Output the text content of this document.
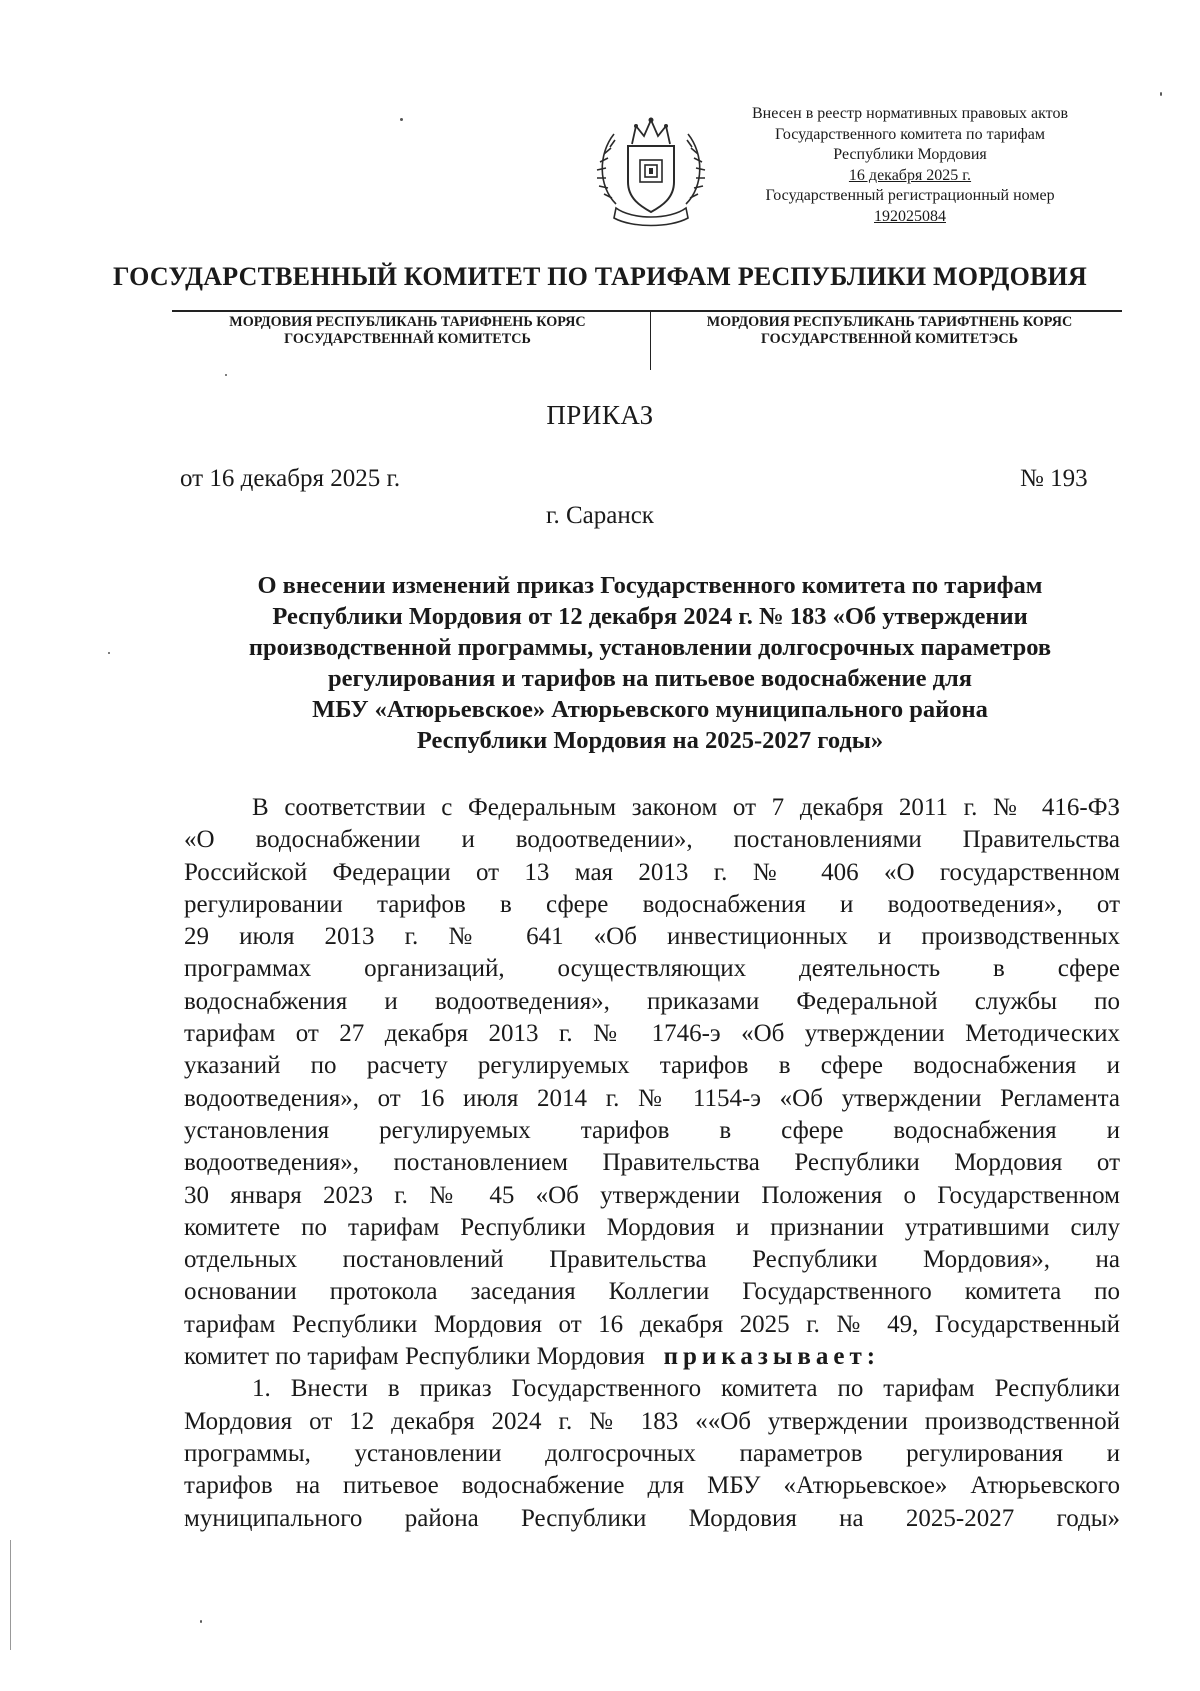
Внесен в реестр нормативных правовых актов
Государственного комитета по тарифам
Республики Мордовия
16 декабря 2025 г.
Государственный регистрационный номер
192025084
ГОСУДАРСТВЕННЫЙ КОМИТЕТ ПО ТАРИФАМ РЕСПУБЛИКИ МОРДОВИЯ
МОРДОВИЯ РЕСПУБЛИКАНЬ ТАРИФНЕНЬ КОРЯС
ГОСУДАРСТВЕННАЙ КОМИТЕТСЬ
МОРДОВИЯ РЕСПУБЛИКАНЬ ТАРИФТНЕНЬ КОРЯС
ГОСУДАРСТВЕННОЙ КОМИТЕТЭСЬ
ПРИКАЗ
от 16 декабря 2025 г.	№ 193
г. Саранск
О внесении изменений приказ Государственного комитета по тарифам
Республики Мордовия от 12 декабря 2024 г. № 183 «Об утверждении
производственной программы, установлении долгосрочных параметров
регулирования и тарифов на питьевое водоснабжение для
МБУ «Атюрьевское» Атюрьевского муниципального района
Республики Мордовия на 2025-2027 годы»
В соответствии с Федеральным законом от 7 декабря 2011 г. № 416-ФЗ
«О водоснабжении и водоотведении», постановлениями Правительства
Российской Федерации от 13 мая 2013 г. № 406 «О государственном
регулировании тарифов в сфере водоснабжения и водоотведения», от
29 июля 2013 г. № 641 «Об инвестиционных и производственных
программах организаций, осуществляющих деятельность в сфере
водоснабжения и водоотведения», приказами Федеральной службы по
тарифам от 27 декабря 2013 г. № 1746-э «Об утверждении Методических
указаний по расчету регулируемых тарифов в сфере водоснабжения и
водоотведения», от 16 июля 2014 г. № 1154-э «Об утверждении Регламента
установления регулируемых тарифов в сфере водоснабжения и
водоотведения», постановлением Правительства Республики Мордовия от
30 января 2023 г. № 45 «Об утверждении Положения о Государственном
комитете по тарифам Республики Мордовия и признании утратившими силу
отдельных постановлений Правительства Республики Мордовия», на
основании протокола заседания Коллегии Государственного комитета по
тарифам Республики Мордовия от 16 декабря 2025 г. № 49, Государственный
комитет по тарифам Республики Мордовия приказывает:
1. Внести в приказ Государственного комитета по тарифам Республики
Мордовия от 12 декабря 2024 г. № 183 ««Об утверждении производственной
программы, установлении долгосрочных параметров регулирования и
тарифов на питьевое водоснабжение для МБУ «Атюрьевское» Атюрьевского
муниципального района Республики Мордовия на 2025-2027 годы»
